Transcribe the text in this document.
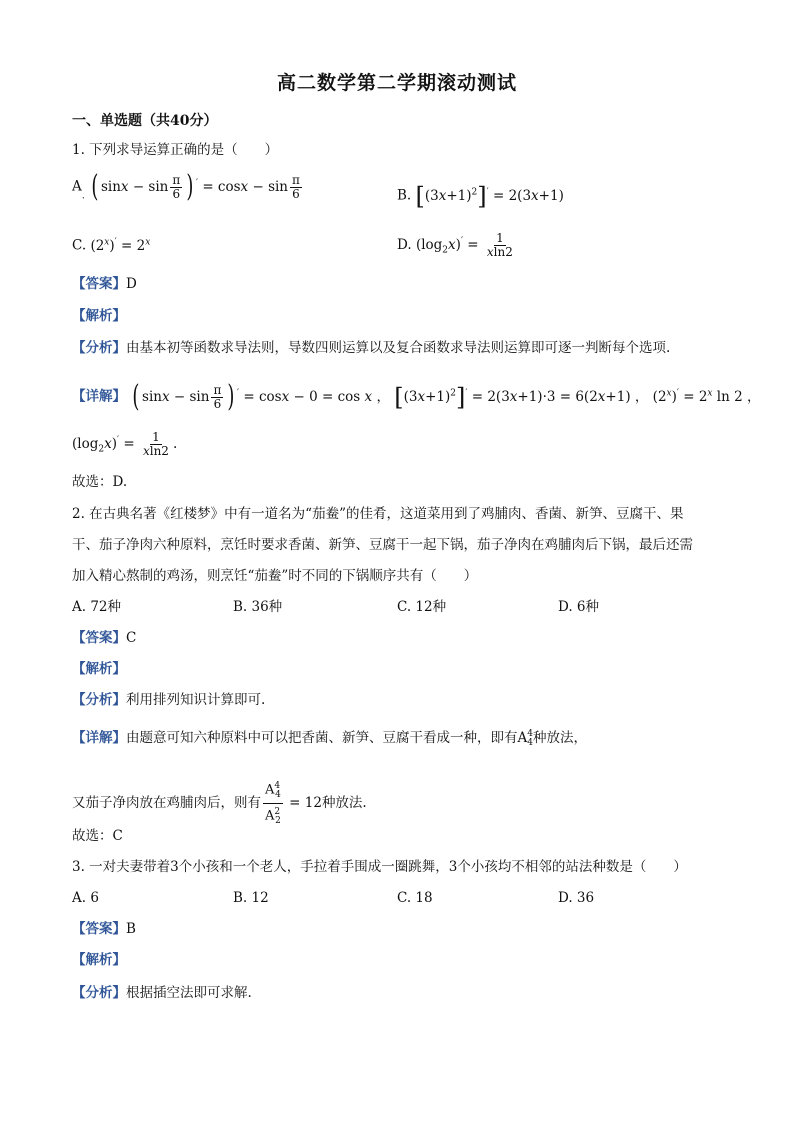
高二数学第二学期滚动测试
一、单选题（共40分）
1. 下列求导运算正确的是（　　）
$A_.$ ( $\sin x - \sin \frac{\pi}{6}$ ) $' = \cos x - \sin \frac{\pi}{6}$	B. $[(3x+1)^2]' = 2(3x+1)$
C. $(2^x)' = 2^x$	D. $(\log_2x)' = \frac{1}{xln2}$
【答案】D
【解析】
【分析】由基本初等函数求导法则，导数四则运算以及复合函数求导法则运算即可逐一判断每个选项.
【详解】 ( $\sin x - \sin \frac{\pi}{6}$ ) ′ = cosx − 0 = cos x ， $[(3x+1)^2]' = 2(3x+1)\cdot 3 = 6(2x+1)$ ， $(2^x)' = 2^x$ ln 2 ，
$(\log_2x)' = \frac{1}{xln2}$ .
故选：D.
2. 在古典名著《红楼梦》中有一道名为“茄鲞”的佳肴，这道菜用到了鸡脯肉、香菌、新笋、豆腐干、果
干、茄子净肉六种原料，烹饪时要求香菌、新笋、豆腐干一起下锅，茄子净肉在鸡脯肉后下锅，最后还需
加入精心熬制的鸡汤，则烹饪“茄鲞”时不同的下锅顺序共有（　　）
A. 72种	B. 36种	C. 12种	D. 6种
【答案】C
【解析】
【分析】利用排列知识计算即可.
【详解】由题意可知六种原料中可以把香菌、新笋、豆腐干看成一种，即有A 4
4 种放法，
又茄子净肉放在鸡脯肉后，则有 $\frac{A^4_4}{A^2_2} = 12$种放法.
故选：C
3. 一对夫妻带着3个小孩和一个老人，手拉着手围成一圈跳舞，3个小孩均不相邻的站法种数是（　　）
A. 6	B. 12	C. 18	D. 36
【答案】B
【解析】
【分析】根据插空法即可求解.
